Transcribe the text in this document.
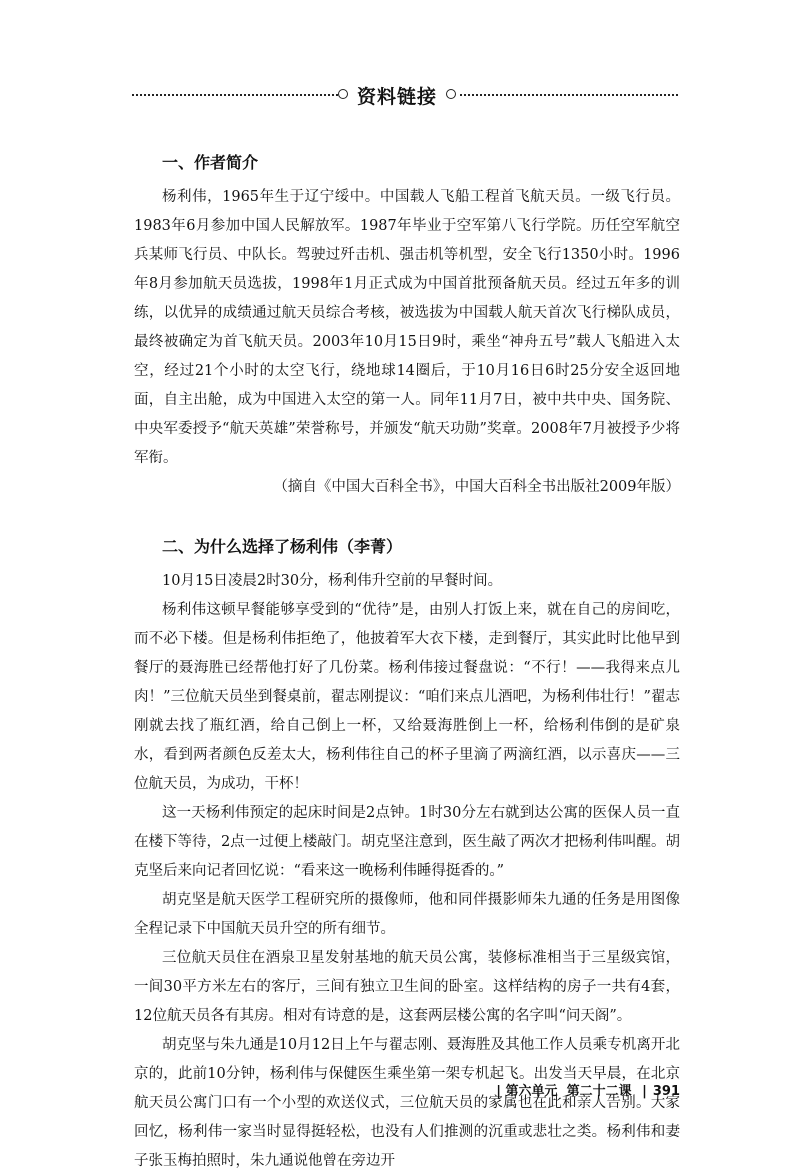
资料链接
一、作者简介

杨利伟，1965年生于辽宁绥中。中国载人飞船工程首飞航天员。一级飞行员。1983年6月参加中国人民解放军。1987年毕业于空军第八飞行学院。历任空军航空兵某师飞行员、中队长。驾驶过歼击机、强击机等机型，安全飞行1350小时。1996年8月参加航天员选拔，1998年1月正式成为中国首批预备航天员。经过五年多的训练，以优异的成绩通过航天员综合考核，被选拔为中国载人航天首次飞行梯队成员，最终被确定为首飞航天员。2003年10月15日9时，乘坐“神舟五号”载人飞船进入太空，经过21个小时的太空飞行，绕地球14圈后，于10月16日6时25分安全返回地面，自主出舱，成为中国进入太空的第一人。同年11月7日，被中共中央、国务院、中央军委授予“航天英雄”荣誉称号，并颁发“航天功勋”奖章。2008年7月被授予少将军衔。

（摘自《中国大百科全书》，中国大百科全书出版社2009年版）

二、为什么选择了杨利伟（李菁）

10月15日凌晨2时30分，杨利伟升空前的早餐时间。

杨利伟这顿早餐能够享受到的“优待”是，由别人打饭上来，就在自己的房间吃，而不必下楼。但是杨利伟拒绝了，他披着军大衣下楼，走到餐厅，其实此时比他早到餐厅的聂海胜已经帮他打好了几份菜。杨利伟接过餐盘说：“不行！——我得来点儿肉！”三位航天员坐到餐桌前，翟志刚提议：“咱们来点儿酒吧，为杨利伟壮行！”翟志刚就去找了瓶红酒，给自己倒上一杯，又给聂海胜倒上一杯，给杨利伟倒的是矿泉水，看到两者颜色反差太大，杨利伟往自己的杯子里滴了两滴红酒，以示喜庆——三位航天员，为成功，干杯！

这一天杨利伟预定的起床时间是2点钟。1时30分左右就到达公寓的医保人员一直在楼下等待，2点一过便上楼敲门。胡克坚注意到，医生敲了两次才把杨利伟叫醒。胡克坚后来向记者回忆说：“看来这一晚杨利伟睡得挺香的。”

胡克坚是航天医学工程研究所的摄像师，他和同伴摄影师朱九通的任务是用图像全程记录下中国航天员升空的所有细节。

三位航天员住在酒泉卫星发射基地的航天员公寓，装修标准相当于三星级宾馆，一间30平方米左右的客厅，三间有独立卫生间的卧室。这样结构的房子一共有4套，12位航天员各有其房。相对有诗意的是，这套两层楼公寓的名字叫“问天阁”。

胡克坚与朱九通是10月12日上午与翟志刚、聂海胜及其他工作人员乘专机离开北京的，此前10分钟，杨利伟与保健医生乘坐第一架专机起飞。出发当天早晨，在北京航天员公寓门口有一个小型的欢送仪式，三位航天员的家属也在此和亲人告别。大家回忆，杨利伟一家当时显得挺轻松，也没有人们推测的沉重或悲壮之类。杨利伟和妻子张玉梅拍照时，朱九通说他曾在旁边开

| 第六单元 第二十二课 | 391
